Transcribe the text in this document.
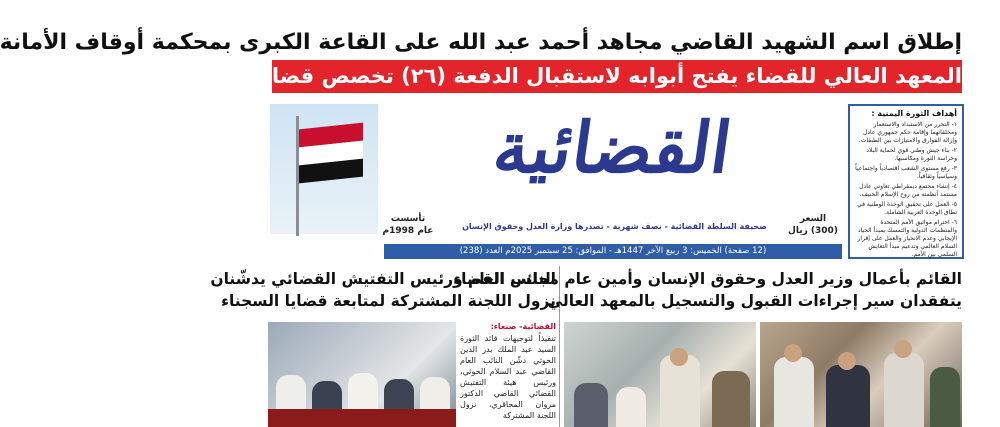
إطلاق اسم الشهيد القاضي مجاهد أحمد عبد الله على القاعة الكبرى بمحكمة أوقاف الأمانة
المعهد العالي للقضاء يفتح أبوابه لاستقبال الدفعة (٢٦) تخصص قضاء
القضائية
تأسست
عام 1998م
السعر
(300) ريال
صحيفة السلطة القضائية - نصف شهرية - تصدرها وزارة العدل وحقوق الإنسان
(12 صفحة) الخميس: 3 ربيع الآخر 1447هـ - الموافق: 25 سبتمبر 2025م العدد (238)
أهداف الثورة اليمنية :
١- التحرر من الاستبداد والاستعمار ومخلفاتهما وإقامة حكم جمهوري عادل وإزالة الفوارق والامتيازات بين الطبقات.
٢- بناء جيش وطني قوي لحماية البلاد وحراسة الثورة ومكاسبها.
٣- رفع مستوى الشعب اقتصادياً واجتماعياً وسياسياً وثقافياً.
٤- إنشاء مجتمع ديمقراطي تعاوني عادل مستمد أنظمته من روح الإسلام الحنيف.
٥- العمل على تحقيق الوحدة الوطنية في نطاق الوحدة العربية الشاملة.
٦- احترام مواثيق الأمم المتحدة والمنظمات الدولية والتمسك بمبدأ الحياد الإيجابي وعدم الانحياز والعمل على إقرار السلام العالمي وتدعيم مبدأ التعايش السلمي بين الأمم.
القائم بأعمال وزير العدل وحقوق الإنسان وأمين عام مجلس القضاء
يتفقدان سير إجراءات القبول والتسجيل بالمعهد العالي
النائب العام ورئيس التفتيش القضائي يدشّنان
نزول اللجنة المشتركة لمتابعة قضايا السجناء
القضائية- صنعاء:
تنفيذاً لتوجيهات قائد الثورة السيد عبد الملك بدر الدين الحوثي دشّن النائب العام القاضي عبد السلام الحوثي، ورئيس هيئة التفتيش القضائي القاضي الدكتور مروان المحاقري، نزول اللجنة المشتركة
